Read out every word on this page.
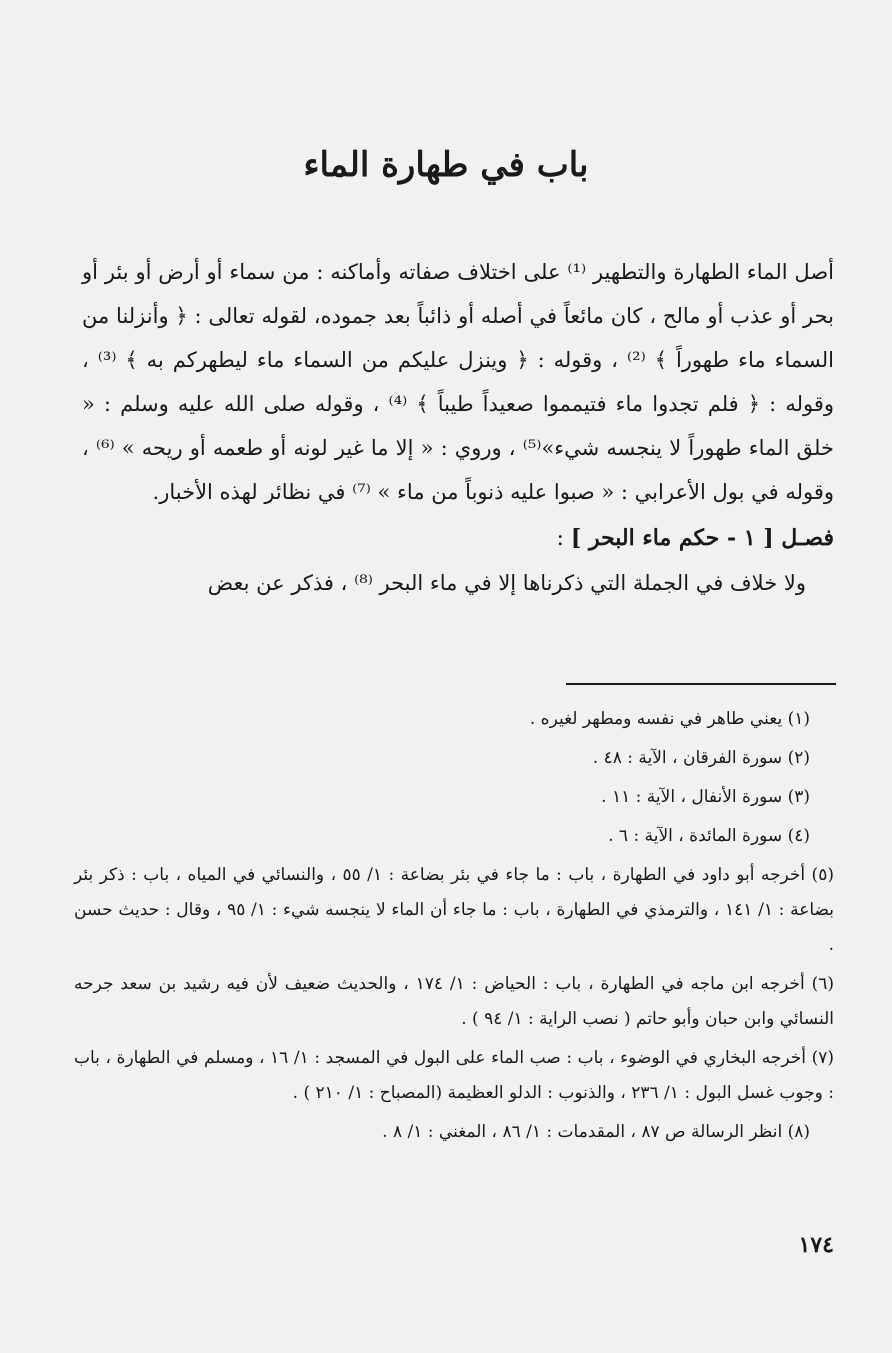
باب في طهارة الماء

أصل الماء الطهارة والتطهير ⁽¹⁾ على اختلاف صفاته وأماكنه : من سماء أو أرض أو بئر أو بحر أو عذب أو مالح ، كان مائعاً في أصله أو ذائباً بعد جموده، لقوله تعالى : ﴿ وأنزلنا من السماء ماء طهوراً ﴾ ⁽²⁾ ، وقوله : ﴿ وينزل عليكم من السماء ماء ليطهركم به ﴾ ⁽³⁾ ، وقوله : ﴿ فلم تجدوا ماء فتيمموا صعيداً طيباً ﴾ ⁽⁴⁾ ، وقوله صلى الله عليه وسلم : « خلق الماء طهوراً لا ينجسه شيء»⁽⁵⁾ ، وروي : « إلا ما غير لونه أو طعمه أو ريحه » ⁽⁶⁾ ، وقوله في بول الأعرابي : « صبوا عليه ذنوباً من ماء » ⁽⁷⁾ في نظائر لهذه الأخبار.

فصـل [ ١ - حكم ماء البحر ] :

ولا خلاف في الجملة التي ذكرناها إلا في ماء البحر ⁽⁸⁾ ، فذكر عن بعض

(١) يعني طاهر في نفسه ومطهر لغيره .

(٢) سورة الفرقان ، الآية : ٤٨ .

(٣) سورة الأنفال ، الآية : ١١ .

(٤) سورة المائدة ، الآية : ٦ .

(٥) أخرجه أبو داود في الطهارة ، باب : ما جاء في بئر بضاعة : ١/ ٥٥ ، والنسائي في المياه ، باب : ذكر بئر بضاعة : ١/ ١٤١ ، والترمذي في الطهارة ، باب : ما جاء أن الماء لا ينجسه شيء : ١/ ٩٥ ، وقال : حديث حسن .

(٦) أخرجه ابن ماجه في الطهارة ، باب : الحياض : ١/ ١٧٤ ، والحديث ضعيف لأن فيه رشيد بن سعد جرحه النسائي وابن حبان وأبو حاتم ( نصب الراية : ١/ ٩٤ ) .

(٧) أخرجه البخاري في الوضوء ، باب : صب الماء على البول في المسجد : ١/ ١٦ ، ومسلم في الطهارة ، باب : وجوب غسل البول : ١/ ٢٣٦ ، والذنوب : الدلو العظيمة (المصباح : ١/ ٢١٠ ) .

(٨) انظر الرسالة ص ٨٧ ، المقدمات : ١/ ٨٦ ، المغني : ١/ ٨ .

١٧٤
